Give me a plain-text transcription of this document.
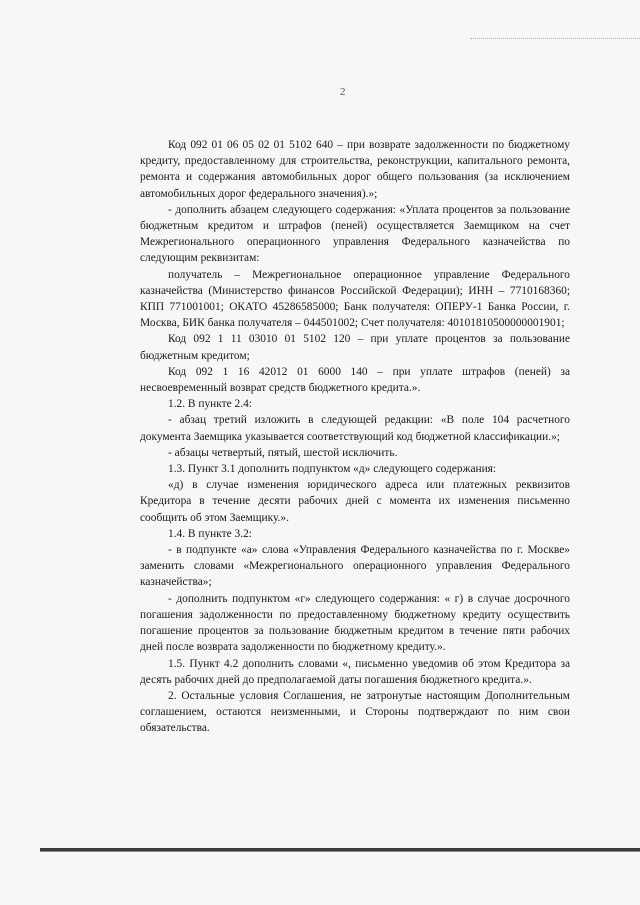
2

Код 092 01 06 05 02 01 5102 640 – при возврате задолженности по бюджетному кредиту, предоставленному для строительства, реконструкции, капитального ремонта, ремонта и содержания автомобильных дорог общего пользования (за исключением автомобильных дорог федерального значения).»;

- дополнить абзацем следующего содержания: «Уплата процентов за пользование бюджетным кредитом и штрафов (пеней) осуществляется Заемщиком на счет Межрегионального операционного управления Федерального казначейства по следующим реквизитам:

получатель – Межрегиональное операционное управление Федерального казначейства (Министерство финансов Российской Федерации); ИНН – 7710168360; КПП 771001001; ОКАТО 45286585000; Банк получателя: ОПЕРУ-1 Банка России, г. Москва, БИК банка получателя – 044501002; Счет получателя: 40101810500000001901;

Код 092 1 11 03010 01 5102 120 – при уплате процентов за пользование бюджетным кредитом;

Код 092 1 16 42012 01 6000 140 – при уплате штрафов (пеней) за несвоевременный возврат средств бюджетного кредита.».

1.2. В пункте 2.4:

- абзац третий изложить в следующей редакции: «В поле 104 расчетного документа Заемщика указывается соответствующий код бюджетной классификации.»;

- абзацы четвертый, пятый, шестой исключить.

1.3. Пункт 3.1 дополнить подпунктом «д» следующего содержания:

«д) в случае изменения юридического адреса или платежных реквизитов Кредитора в течение десяти рабочих дней с момента их изменения письменно сообщить об этом Заемщику.».

1.4. В пункте 3.2:

- в подпункте «а» слова «Управления Федерального казначейства по г. Москве» заменить словами «Межрегионального операционного управления Федерального казначейства»;

- дополнить подпунктом «г» следующего содержания: « г) в случае досрочного погашения задолженности по предоставленному бюджетному кредиту осуществить погашение процентов за пользование бюджетным кредитом в течение пяти рабочих дней после возврата задолженности по бюджетному кредиту.».

1.5. Пункт 4.2 дополнить словами «, письменно уведомив об этом Кредитора за десять рабочих дней до предполагаемой даты погашения бюджетного кредита.».

2. Остальные условия Соглашения, не затронутые настоящим Дополнительным соглашением, остаются неизменными, и Стороны подтверждают по ним свои обязательства.
